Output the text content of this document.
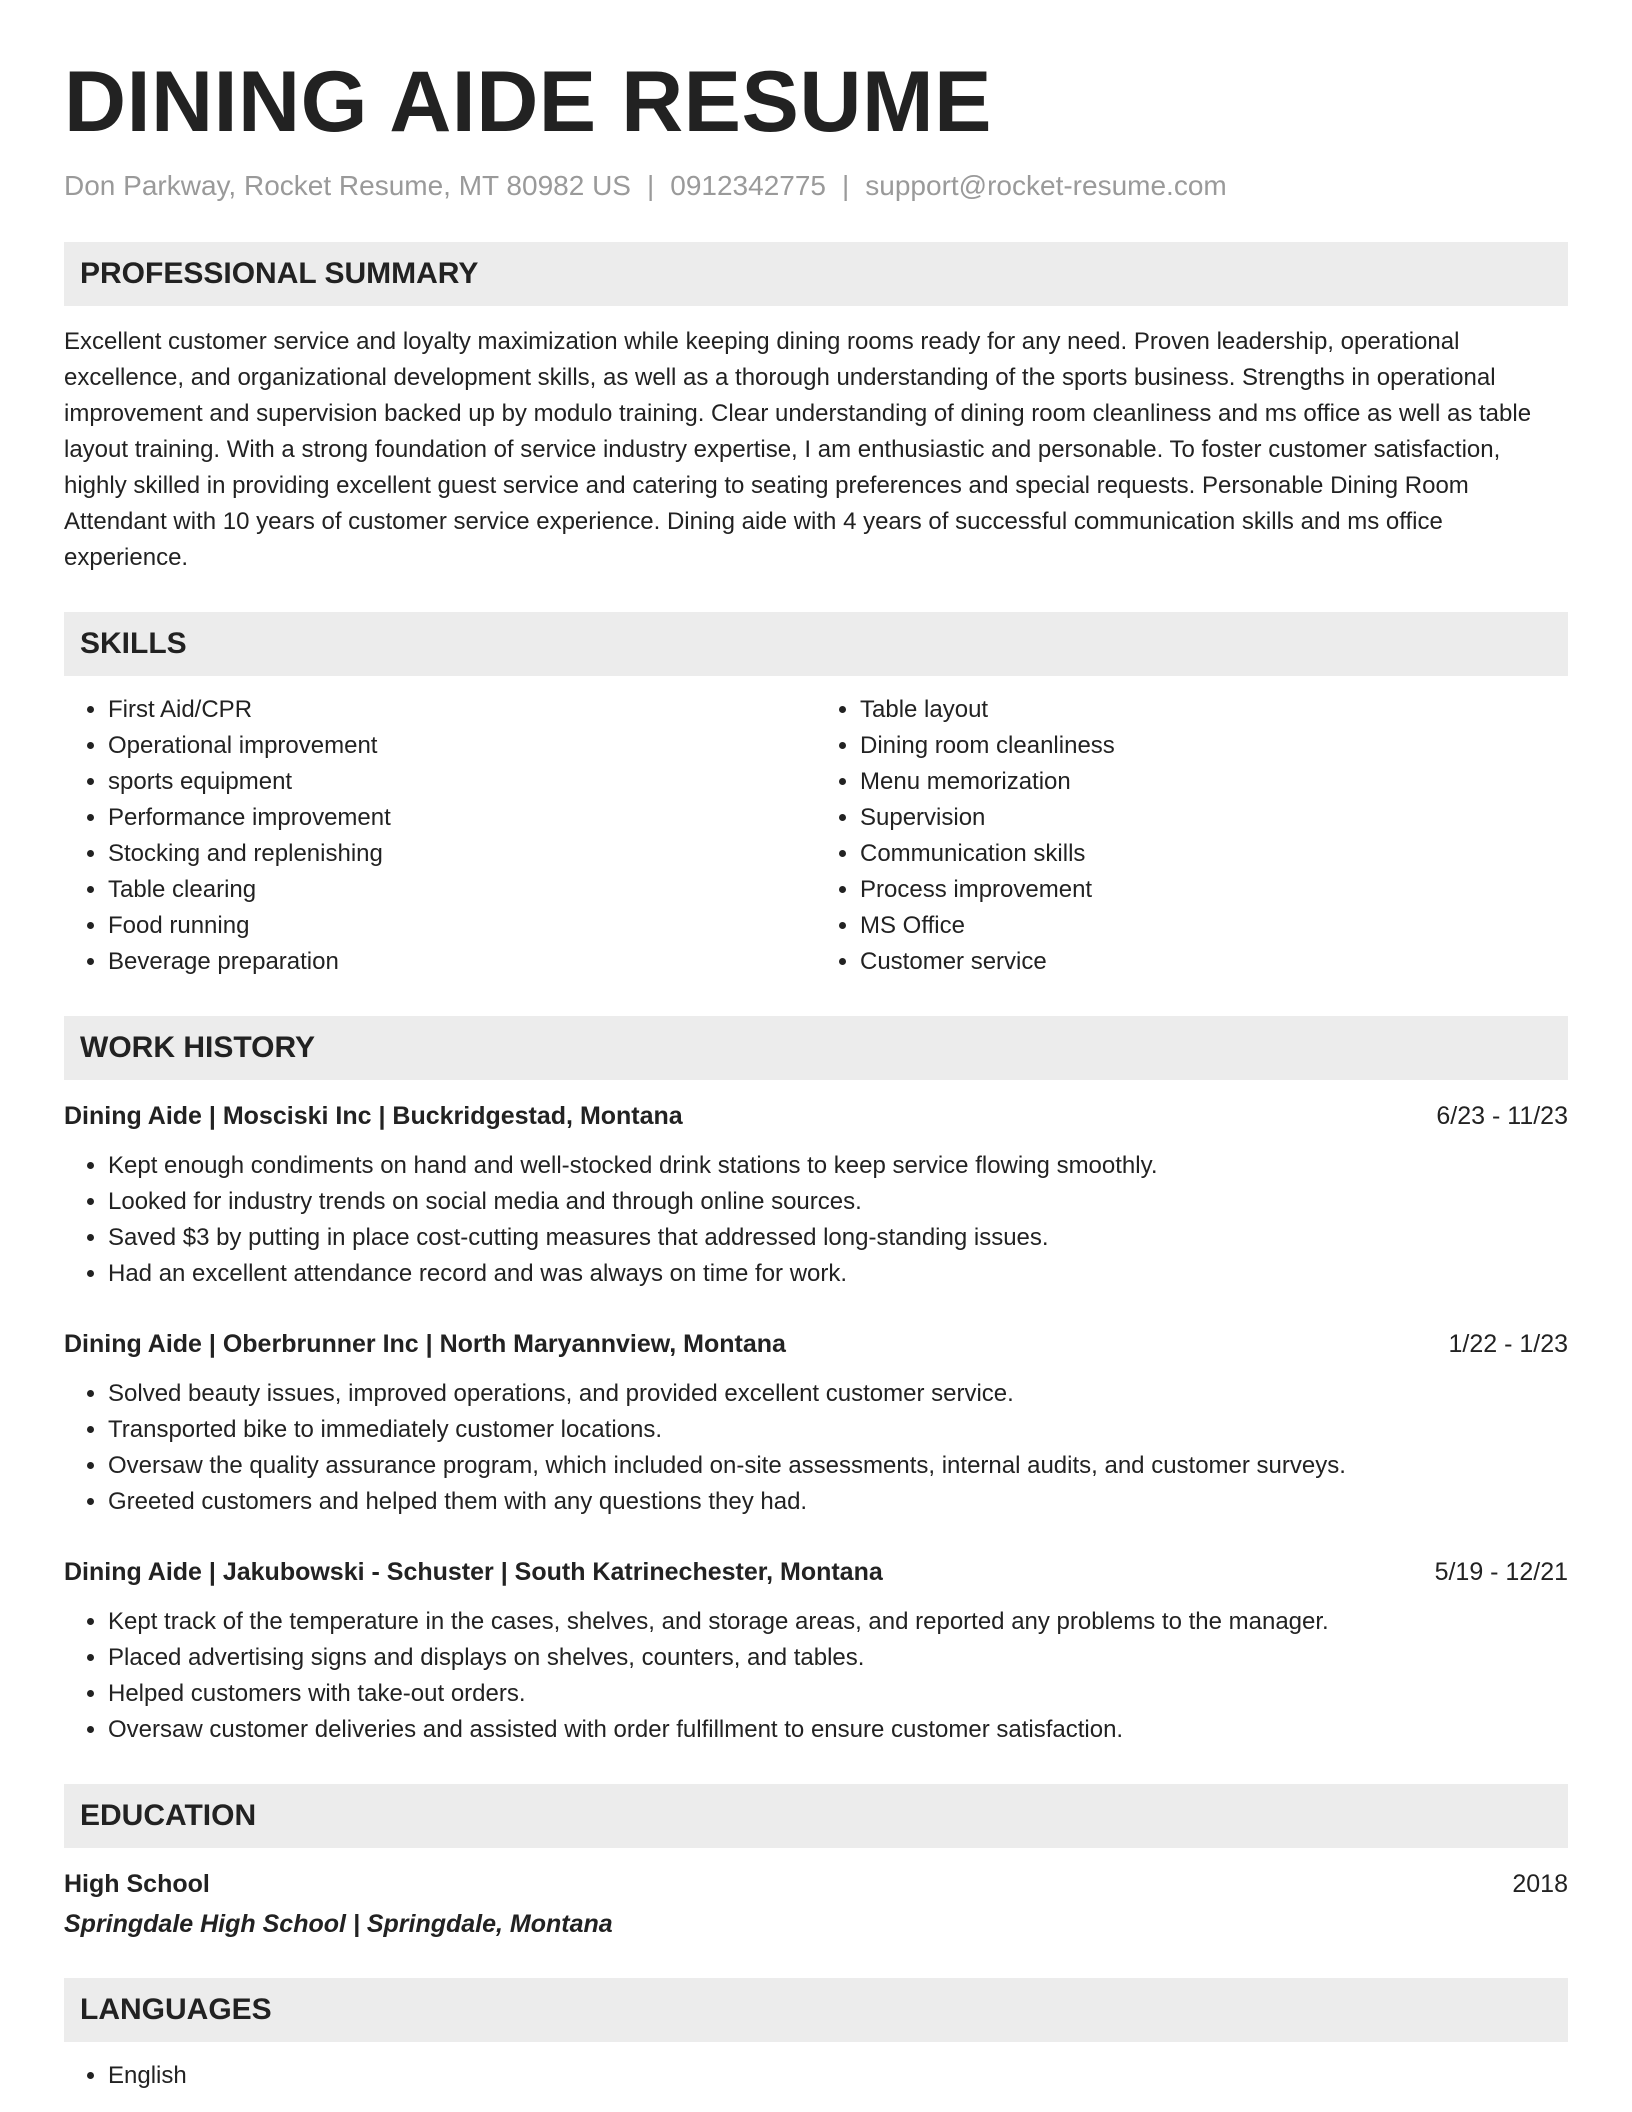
DINING AIDE RESUME
Don Parkway, Rocket Resume, MT 80982 US | 0912342775 | support@rocket-resume.com
PROFESSIONAL SUMMARY
Excellent customer service and loyalty maximization while keeping dining rooms ready for any need. Proven leadership, operational excellence, and organizational development skills, as well as a thorough understanding of the sports business. Strengths in operational improvement and supervision backed up by modulo training. Clear understanding of dining room cleanliness and ms office as well as table layout training. With a strong foundation of service industry expertise, I am enthusiastic and personable. To foster customer satisfaction, highly skilled in providing excellent guest service and catering to seating preferences and special requests. Personable Dining Room Attendant with 10 years of customer service experience. Dining aide with 4 years of successful communication skills and ms office experience.
SKILLS
• First Aid/CPR
• Operational improvement
• sports equipment
• Performance improvement
• Stocking and replenishing
• Table clearing
• Food running
• Beverage preparation
• Table layout
• Dining room cleanliness
• Menu memorization
• Supervision
• Communication skills
• Process improvement
• MS Office
• Customer service
WORK HISTORY
Dining Aide | Mosciski Inc | Buckridgestad, Montana	6/23 - 11/23
• Kept enough condiments on hand and well-stocked drink stations to keep service flowing smoothly.
• Looked for industry trends on social media and through online sources.
• Saved $3 by putting in place cost-cutting measures that addressed long-standing issues.
• Had an excellent attendance record and was always on time for work.
Dining Aide | Oberbrunner Inc | North Maryannview, Montana	1/22 - 1/23
• Solved beauty issues, improved operations, and provided excellent customer service.
• Transported bike to immediately customer locations.
• Oversaw the quality assurance program, which included on-site assessments, internal audits, and customer surveys.
• Greeted customers and helped them with any questions they had.
Dining Aide | Jakubowski - Schuster | South Katrinechester, Montana	5/19 - 12/21
• Kept track of the temperature in the cases, shelves, and storage areas, and reported any problems to the manager.
• Placed advertising signs and displays on shelves, counters, and tables.
• Helped customers with take-out orders.
• Oversaw customer deliveries and assisted with order fulfillment to ensure customer satisfaction.
EDUCATION
High School	2018
Springdale High School | Springdale, Montana
LANGUAGES
• English
